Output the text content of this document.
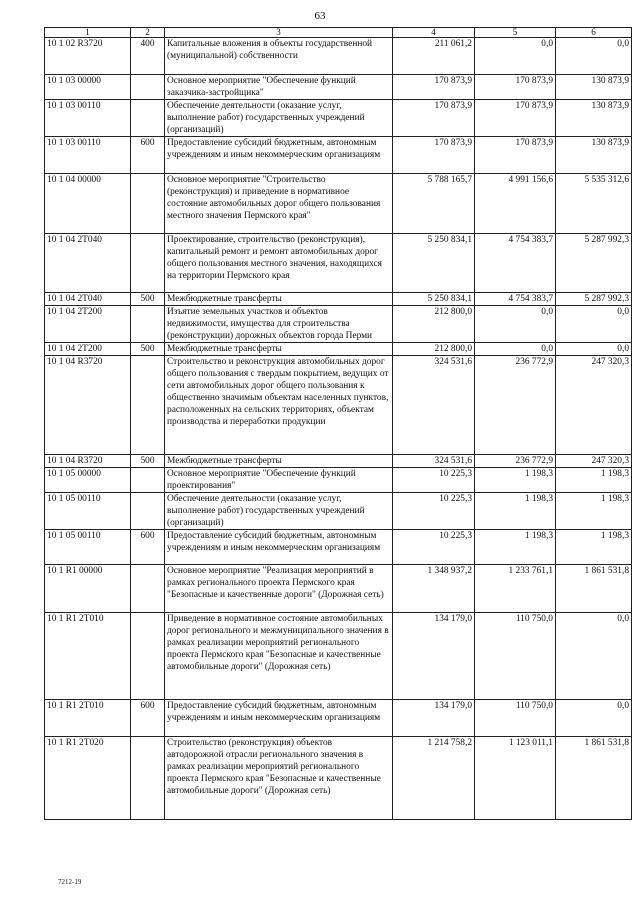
63
1	2	3	4	5	6
10 1 02 R3720	400	Капитальные вложения в объекты государственной (муниципальной) собственности	211 061,2	0,0	0,0
10 1 03 00000		Основное мероприятие "Обеспечение функций заказчика-застройщика"	170 873,9	170 873,9	130 873,9
10 1 03 00110		Обеспечение деятельности (оказание услуг, выполнение работ) государственных учреждений (организаций)	170 873,9	170 873,9	130 873,9
10 1 03 00110	600	Предоставление субсидий бюджетным, автономным учреждениям и иным некоммерческим организациям	170 873,9	170 873,9	130 873,9
10 1 04 00000		Основное мероприятие "Строительство (реконструкция) и приведение в нормативное состояние автомобильных дорог общего пользования местного значения Пермского края"	5 788 165,7	4 991 156,6	5 535 312,6
10 1 04 2Т040		Проектирование, строительство (реконструкция), капитальный ремонт и ремонт автомобильных дорог общего пользования местного значения, находящихся на территории Пермского края	5 250 834,1	4 754 383,7	5 287 992,3
10 1 04 2Т040	500	Межбюджетные трансферты	5 250 834,1	4 754 383,7	5 287 992,3
10 1 04 2Т200		Изъятие земельных участков и объектов недвижимости, имущества для строительства (реконструкции) дорожных объектов города Перми	212 800,0	0,0	0,0
10 1 04 2Т200	500	Межбюджетные трансферты	212 800,0	0,0	0,0
10 1 04 R3720		Строительство и реконструкция автомобильных дорог общего пользования с твердым покрытием, ведущих от сети автомобильных дорог общего пользования к общественно значимым объектам населенных пунктов, расположенных на сельских территориях, объектам производства и переработки продукции	324 531,6	236 772,9	247 320,3
10 1 04 R3720	500	Межбюджетные трансферты	324 531,6	236 772,9	247 320,3
10 1 05 00000		Основное мероприятие "Обеспечение функций проектирования"	10 225,3	1 198,3	1 198,3
10 1 05 00110		Обеспечение деятельности (оказание услуг, выполнение работ) государственных учреждений (организаций)	10 225,3	1 198,3	1 198,3
10 1 05 00110	600	Предоставление субсидий бюджетным, автономным учреждениям и иным некоммерческим организациям	10 225,3	1 198,3	1 198,3
10 1 R1 00000		Основное мероприятие "Реализация мероприятий в рамках регионального проекта Пермского края "Безопасные и качественные дороги" (Дорожная сеть)	1 348 937,2	1 233 761,1	1 861 531,8
10 1 R1 2Т010		Приведение в нормативное состояние автомобильных дорог регионального и межмуниципального значения в рамках реализации мероприятий регионального проекта Пермского края "Безопасные и качественные автомобильные дороги" (Дорожная сеть)	134 179,0	110 750,0	0,0
10 1 R1 2Т010	600	Предоставление субсидий бюджетным, автономным учреждениям и иным некоммерческим организациям	134 179,0	110 750,0	0,0
10 1 R1 2Т020		Строительство (реконструкция) объектов автодорожной отрасли регионального значения в рамках реализации мероприятий регионального проекта Пермского края "Безопасные и качественные автомобильные дороги" (Дорожная сеть)	1 214 758,2	1 123 011,1	1 861 531,8
7212-19
